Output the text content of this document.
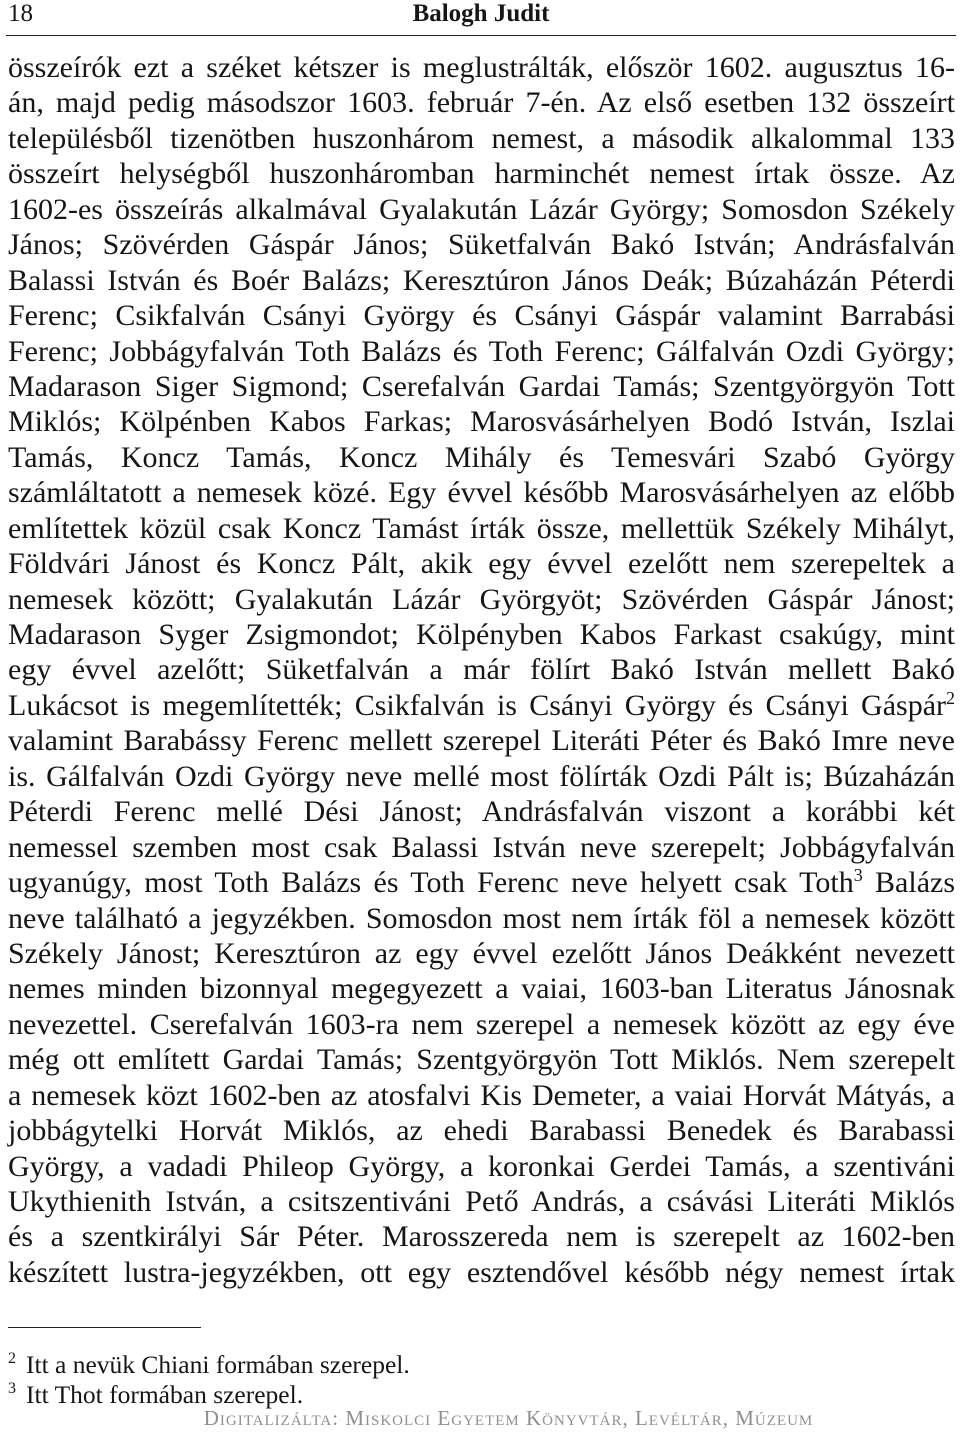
18	Balogh Judit
összeírók ezt a széket kétszer is meglustrálták, először 1602. augusztus 16-
án, majd pedig másodszor 1603. február 7-én. Az első esetben 132 összeírt
településből tizenötben huszonhárom nemest, a második alkalommal 133
összeírt helységből huszonháromban harminchét nemest írtak össze. Az
1602-es összeírás alkalmával Gyalakután Lázár György; Somosdon Székely
János; Szövérden Gáspár János; Süketfalván Bakó István; Andrásfalván
Balassi István és Boér Balázs; Keresztúron János Deák; Búzaházán Péterdi
Ferenc; Csikfalván Csányi György és Csányi Gáspár valamint Barrabási
Ferenc; Jobbágyfalván Toth Balázs és Toth Ferenc; Gálfalván Ozdi György;
Madarason Siger Sigmond; Cserefalván Gardai Tamás; Szentgyörgyön Tott
Miklós; Kölpénben Kabos Farkas; Marosvásárhelyen Bodó István, Iszlai
Tamás, Koncz Tamás, Koncz Mihály és Temesvári Szabó György
számláltatott a nemesek közé. Egy évvel később Marosvásárhelyen az előbb
említettek közül csak Koncz Tamást írták össze, mellettük Székely Mihályt,
Földvári Jánost és Koncz Pált, akik egy évvel ezelőtt nem szerepeltek a
nemesek között; Gyalakután Lázár Györgyöt; Szövérden Gáspár Jánost;
Madarason Syger Zsigmondot; Kölpényben Kabos Farkast csakúgy, mint
egy évvel azelőtt; Süketfalván a már fölírt Bakó István mellett Bakó
Lukácsot is megemlítették; Csikfalván is Csányi György és Csányi Gáspár$^2$
valamint Barabássy Ferenc mellett szerepel Literáti Péter és Bakó Imre neve
is. Gálfalván Ozdi György neve mellé most fölírták Ozdi Pált is; Búzaházán
Péterdi Ferenc mellé Dési Jánost; Andrásfalván viszont a korábbi két
nemessel szemben most csak Balassi István neve szerepelt; Jobbágyfalván
ugyanúgy, most Toth Balázs és Toth Ferenc neve helyett csak Toth$^3$ Balázs
neve található a jegyzékben. Somosdon most nem írták föl a nemesek között
Székely Jánost; Keresztúron az egy évvel ezelőtt János Deákként nevezett
nemes minden bizonnyal megegyezett a vaiai, 1603-ban Literatus Jánosnak
nevezettel. Cserefalván 1603-ra nem szerepel a nemesek között az egy éve
még ott említett Gardai Tamás; Szentgyörgyön Tott Miklós. Nem szerepelt
a nemesek közt 1602-ben az atosfalvi Kis Demeter, a vaiai Horvát Mátyás, a
jobbágytelki Horvát Miklós, az ehedi Barabassi Benedek és Barabassi
György, a vadadi Phileop György, a koronkai Gerdei Tamás, a szentiváni
Ukythienith István, a csitszentiváni Pető András, a csávási Literáti Miklós
és a szentkirályi Sár Péter. Marosszereda nem is szerepelt az 1602-ben
készített lustra-jegyzékben, ott egy esztendővel később négy nemest írtak
2 Itt a nevük Chiani formában szerepel.
3 Itt Thot formában szerepel.
Digitalizálta: Miskolci Egyetem Könyvtár, Levéltár, Múzeum
